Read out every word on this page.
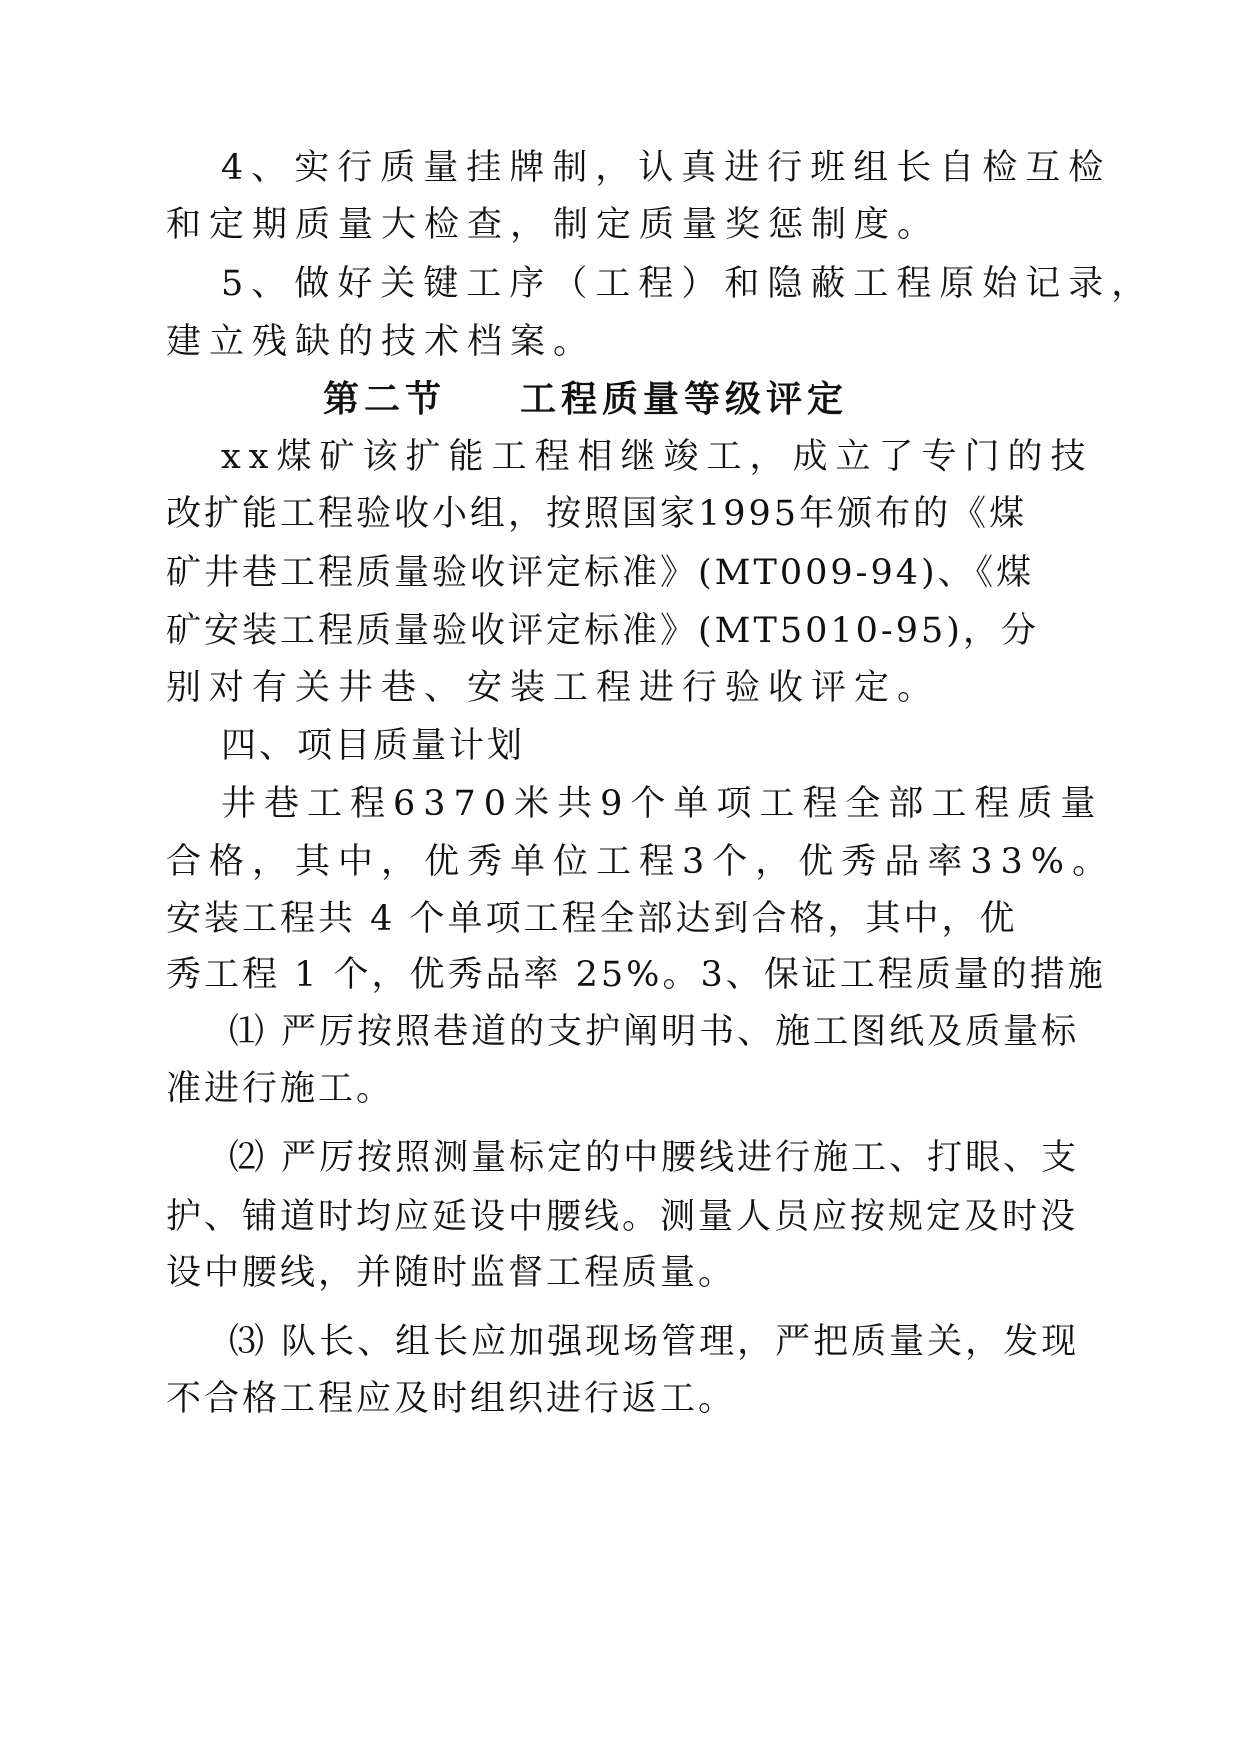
4、实行质量挂牌制，认真进行班组长自检互检
和定期质量大检查，制定质量奖惩制度。
5、做好关键工序（工程）和隐蔽工程原始记录，
建立残缺的技术档案。
第二节 工程质量等级评定
xx煤矿该扩能工程相继竣工，成立了专门的技
改扩能工程验收小组，按照国家1995年颁布的《煤
矿井巷工程质量验收评定标准》(MT009-94)、《煤
矿安装工程质量验收评定标准》(MT5010-95)，分
别对有关井巷、安装工程进行验收评定。
四、项目质量计划
井巷工程6370米共9个单项工程全部工程质量
合格，其中，优秀单位工程3个，优秀品率33%。
安装工程共 4 个单项工程全部达到合格，其中，优
秀工程 1 个，优秀品率 25%。3、保证工程质量的措施
⑴ 严厉按照巷道的支护阐明书、施工图纸及质量标
准进行施工。
⑵ 严厉按照测量标定的中腰线进行施工、打眼、支
护、铺道时均应延设中腰线。测量人员应按规定及时没
设中腰线，并随时监督工程质量。
⑶ 队长、组长应加强现场管理，严把质量关，发现
不合格工程应及时组织进行返工。
